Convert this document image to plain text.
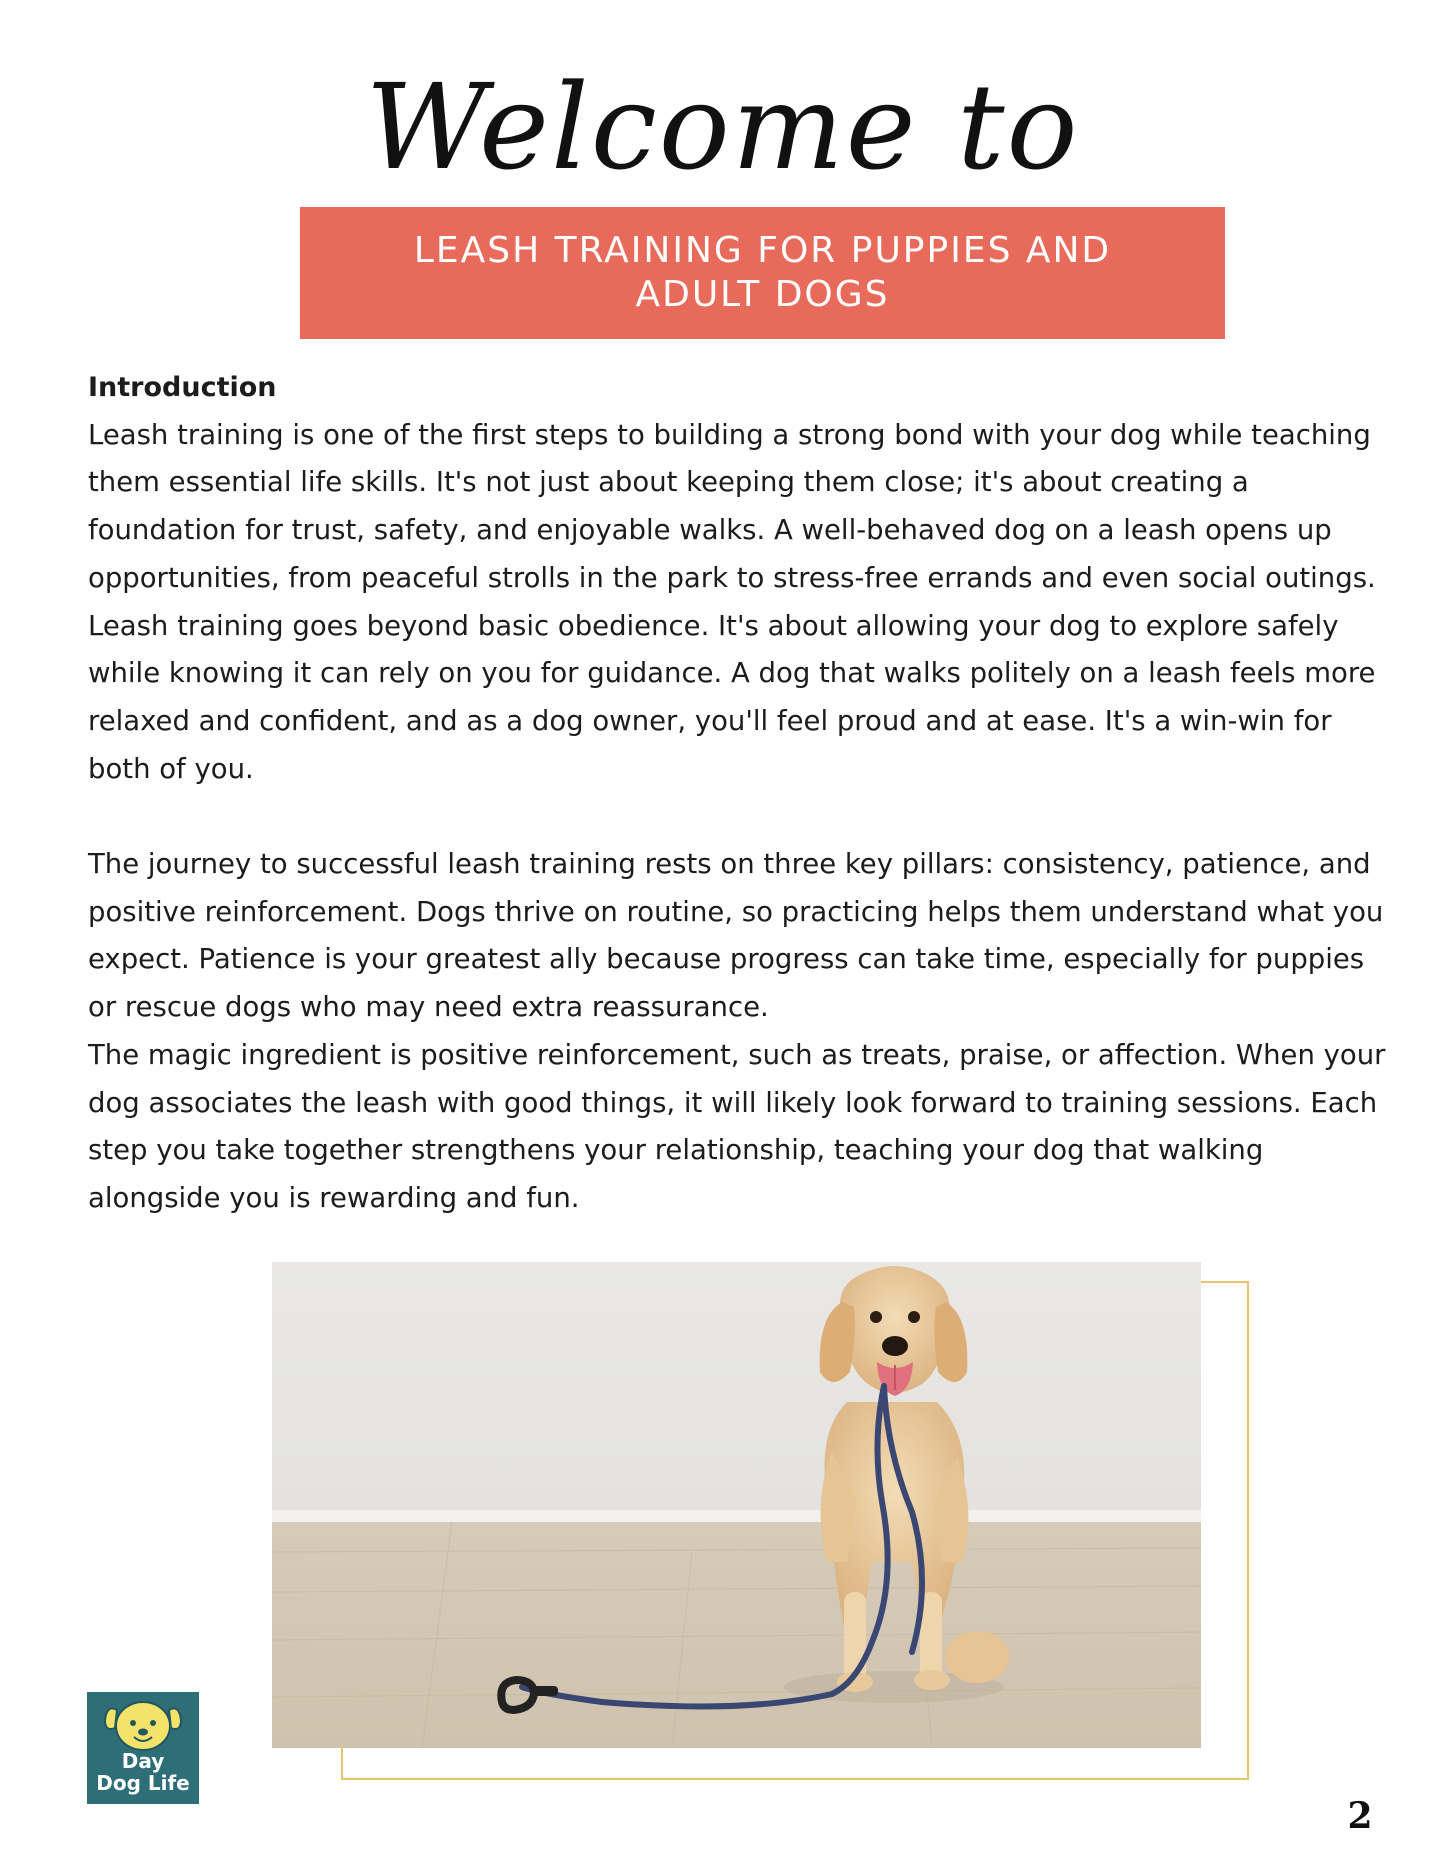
Welcome to
LEASH TRAINING FOR PUPPIES AND ADULT DOGS

Introduction

Leash training is one of the first steps to building a strong bond with your dog while teaching them essential life skills. It's not just about keeping them close; it's about creating a foundation for trust, safety, and enjoyable walks. A well-behaved dog on a leash opens up opportunities, from peaceful strolls in the park to stress-free errands and even social outings.

Leash training goes beyond basic obedience. It's about allowing your dog to explore safely while knowing it can rely on you for guidance. A dog that walks politely on a leash feels more relaxed and confident, and as a dog owner, you'll feel proud and at ease. It's a win-win for both of you.

The journey to successful leash training rests on three key pillars: consistency, patience, and positive reinforcement. Dogs thrive on routine, so practicing helps them understand what you expect. Patience is your greatest ally because progress can take time, especially for puppies or rescue dogs who may need extra reassurance.

The magic ingredient is positive reinforcement, such as treats, praise, or affection. When your dog associates the leash with good things, it will likely look forward to training sessions. Each step you take together strengthens your relationship, teaching your dog that walking alongside you is rewarding and fun.

Day
Dog Life
2
